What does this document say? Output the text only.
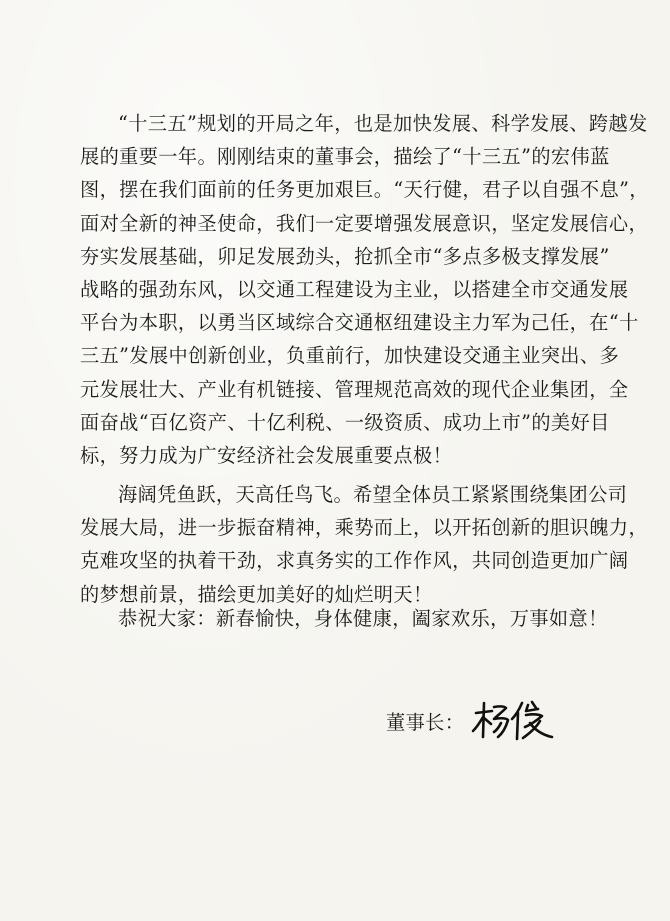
“十三五”规划的开局之年，也是加快发展、科学发展、跨越发
展的重要一年。刚刚结束的董事会，描绘了“十三五”的宏伟蓝
图，摆在我们面前的任务更加艰巨。“天行健，君子以自强不息”，
面对全新的神圣使命，我们一定要增强发展意识，坚定发展信心，
夯实发展基础，卯足发展劲头，抢抓全市“多点多极支撑发展”
战略的强劲东风，以交通工程建设为主业，以搭建全市交通发展
平台为本职，以勇当区域综合交通枢纽建设主力军为己任，在“十
三五”发展中创新创业，负重前行，加快建设交通主业突出、多
元发展壮大、产业有机链接、管理规范高效的现代企业集团，全
面奋战“百亿资产、十亿利税、一级资质、成功上市”的美好目
标，努力成为广安经济社会发展重要点极！
海阔凭鱼跃，天高任鸟飞。希望全体员工紧紧围绕集团公司
发展大局，进一步振奋精神，乘势而上，以开拓创新的胆识魄力，
克难攻坚的执着干劲，求真务实的工作作风，共同创造更加广阔
的梦想前景，描绘更加美好的灿烂明天！
恭祝大家：新春愉快，身体健康，阖家欢乐，万事如意！
董事长：
